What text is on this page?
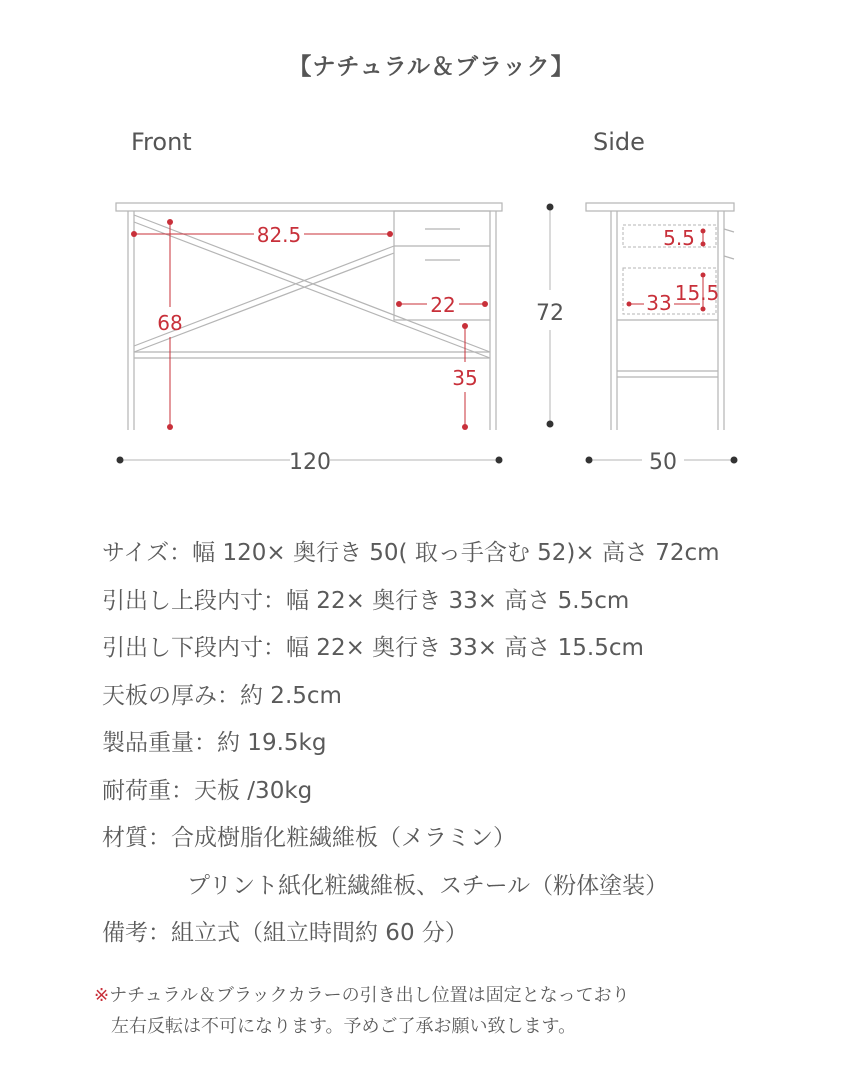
【ナチュラル＆ブラック】
Front	Side
82.5
68
22
35
120
72
5.5
15.5
33
50
サイズ：幅 120× 奥行き 50( 取っ手含む 52)× 高さ 72cm
引出し上段内寸：幅 22× 奥行き 33× 高さ 5.5cm
引出し下段内寸：幅 22× 奥行き 33× 高さ 15.5cm
天板の厚み：約 2.5cm
製品重量：約 19.5kg
耐荷重：天板 /30kg
材質：合成樹脂化粧繊維板（メラミン）
プリント紙化粧繊維板、スチール（粉体塗装）
備考：組立式（組立時間約 60 分）
※ナチュラル＆ブラックカラーの引き出し位置は固定となっており
左右反転は不可になります。予めご了承お願い致します。
